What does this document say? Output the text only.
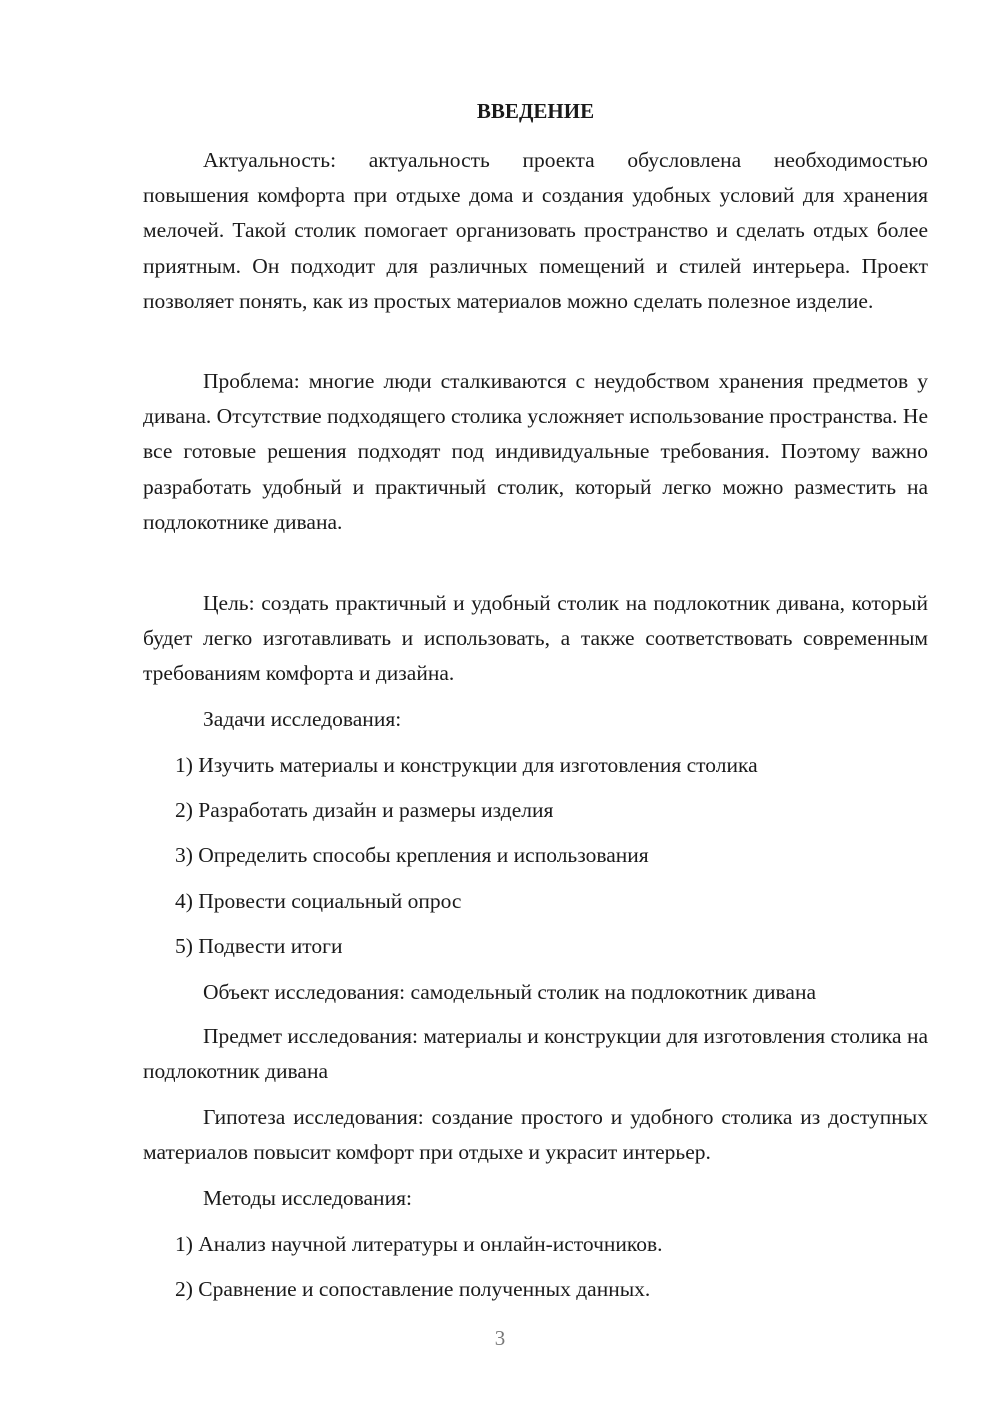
ВВЕДЕНИЕ

Актуальность: актуальность проекта обусловлена необходимостью повышения комфорта при отдыхе дома и создания удобных условий для хранения мелочей. Такой столик помогает организовать пространство и сделать отдых более приятным. Он подходит для различных помещений и стилей интерьера. Проект позволяет понять, как из простых материалов можно сделать полезное изделие.

Проблема: многие люди сталкиваются с неудобством хранения предметов у дивана. Отсутствие подходящего столика усложняет использование пространства. Не все готовые решения подходят под индивидуальные требования. Поэтому важно разработать удобный и практичный столик, который легко можно разместить на подлокотнике дивана.

Цель: создать практичный и удобный столик на подлокотник дивана, который будет легко изготавливать и использовать, а также соответствовать современным требованиям комфорта и дизайна.

Задачи исследования:

1) Изучить материалы и конструкции для изготовления столика

2) Разработать дизайн и размеры изделия

3) Определить способы крепления и использования

4) Провести социальный опрос

5) Подвести итоги

Объект исследования: самодельный столик на подлокотник дивана

Предмет исследования: материалы и конструкции для изготовления столика на подлокотник дивана

Гипотеза исследования: создание простого и удобного столика из доступных материалов повысит комфорт при отдыхе и украсит интерьер.

Методы исследования:

1) Анализ научной литературы и онлайн-источников.

2) Сравнение и сопоставление полученных данных.

3
